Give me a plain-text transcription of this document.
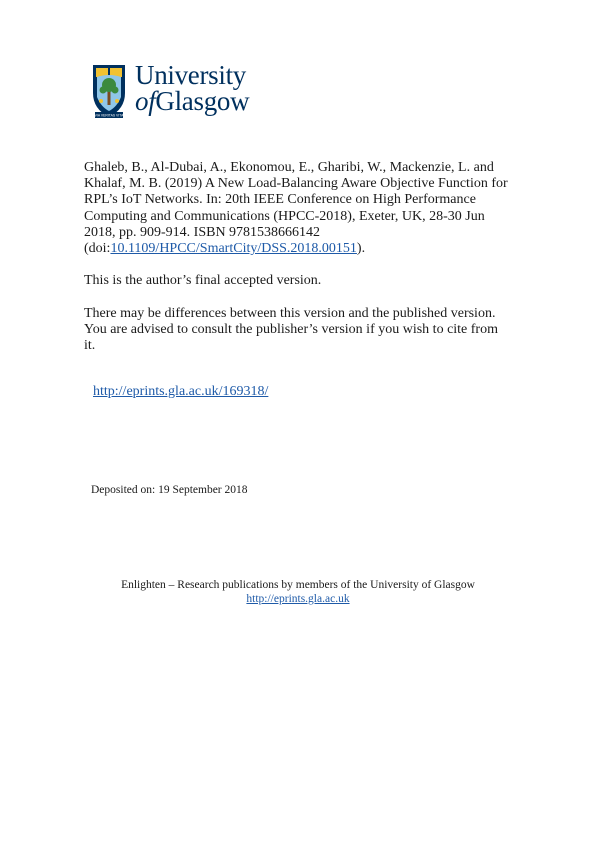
VIA VERITAS VITA
University
ofGlasgow
Ghaleb, B., Al-Dubai, A., Ekonomou, E., Gharibi, W., Mackenzie, L. and
Khalaf, M. B. (2019) A New Load-Balancing Aware Objective Function for
RPL’s IoT Networks. In: 20th IEEE Conference on High Performance
Computing and Communications (HPCC-2018), Exeter, UK, 28-30 Jun
2018, pp. 909-914. ISBN 9781538666142
(doi:10.1109/HPCC/SmartCity/DSS.2018.00151).
This is the author’s final accepted version.
There may be differences between this version and the published version.
You are advised to consult the publisher’s version if you wish to cite from
it.
http://eprints.gla.ac.uk/169318/
Deposited on: 19 September 2018
Enlighten – Research publications by members of the University of Glasgow
http://eprints.gla.ac.uk
